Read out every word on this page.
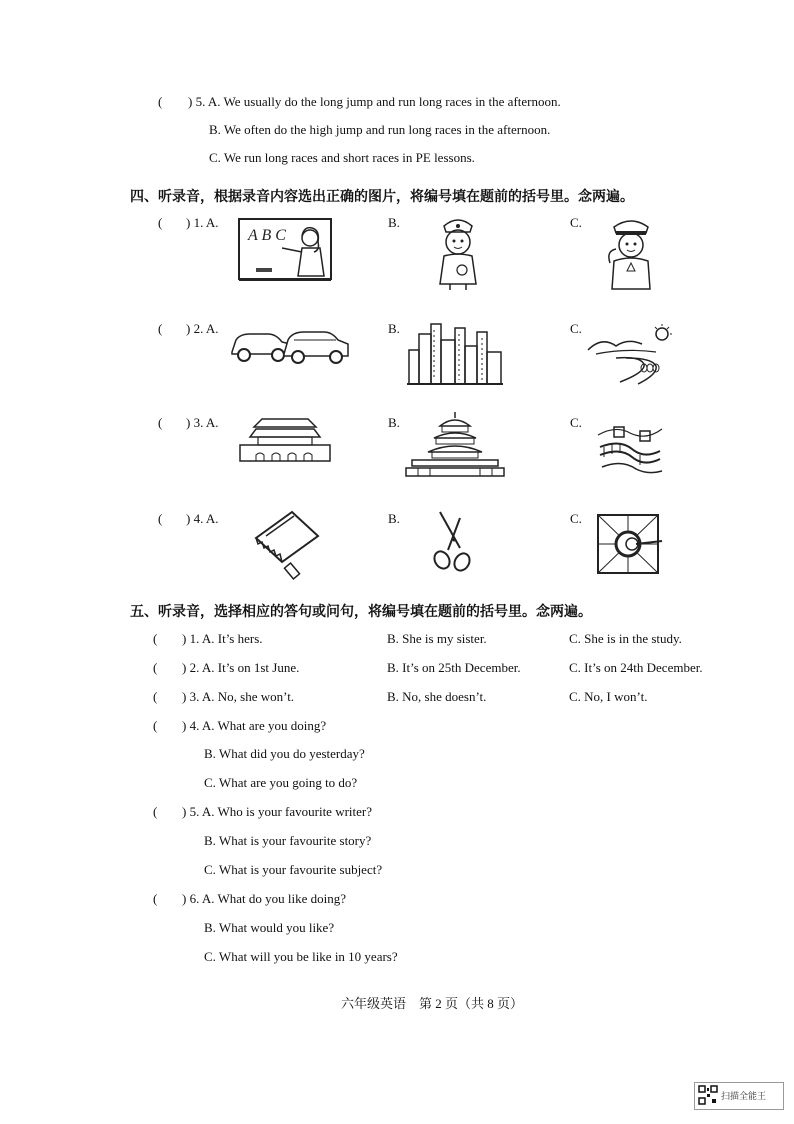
( ) 5. A. We usually do the long jump and run long races in the afternoon.
B. We often do the high jump and run long races in the afternoon.
C. We run long races and short races in PE lessons.
四、听录音，根据录音内容选出正确的图片，将编号填在题前的括号里。念两遍。
( ) 1. A.	B.	C.
( ) 2. A.	B.	C.
( ) 3. A.	B.	C.
( ) 4. A.	B.	C.
A B C
五、听录音，选择相应的答句或问句，将编号填在题前的括号里。念两遍。
( ) 1. A. It’s hers.	B. She is my sister.	C. She is in the study.
( ) 2. A. It’s on 1st June.	B. It’s on 25th December.	C. It’s on 24th December.
( ) 3. A. No, she won’t.	B. No, she doesn’t.	C. No, I won’t.
( ) 4. A. What are you doing?
B. What did you do yesterday?
C. What are you going to do?
( ) 5. A. Who is your favourite writer?
B. What is your favourite story?
C. What is your favourite subject?
( ) 6. A. What do you like doing?
B. What would you like?
C. What will you be like in 10 years?
六年级英语　第 2 页（共 8 页）
扫描全能王
